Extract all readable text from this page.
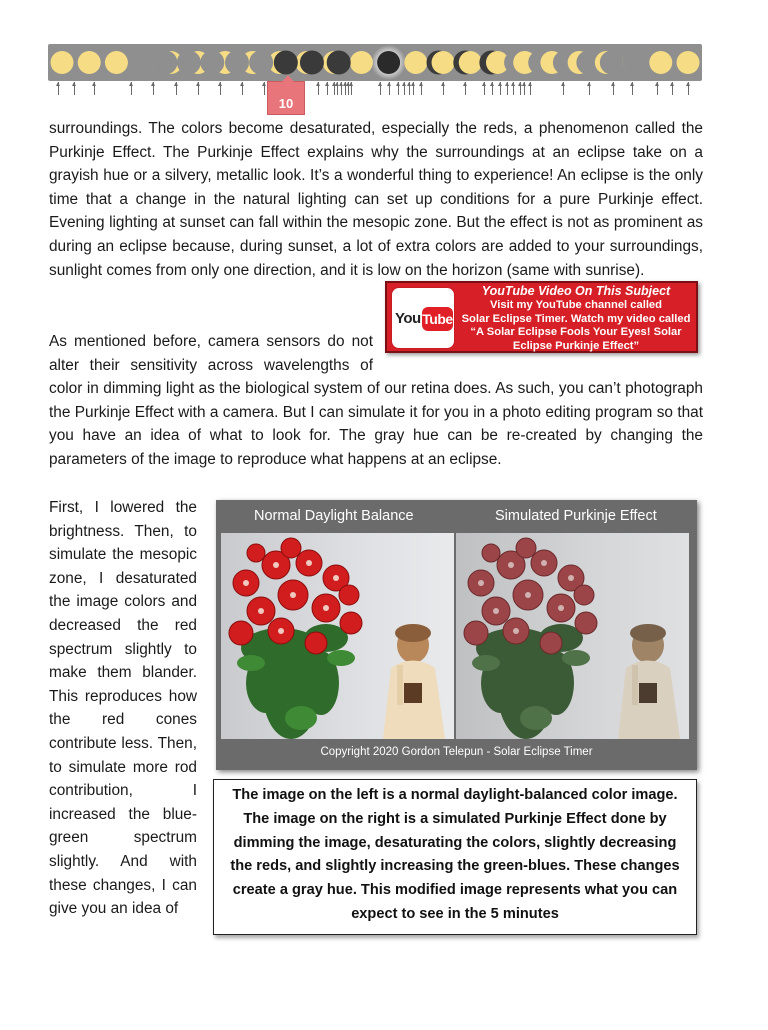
10

surroundings. The colors become desaturated, especially the reds, a phenomenon called the Purkinje Effect. The Purkinje Effect explains why the surroundings at an eclipse take on a grayish hue or a silvery, metallic look. It’s a wonderful thing to experience! An eclipse is the only time that a change in the natural lighting can set up conditions for a pure Purkinje effect. Evening lighting at sunset can fall within the mesopic zone. But the effect is not as prominent as during an eclipse because, during sunset, a lot of extra colors are added to your surroundings, sunlight comes from only one direction, and it is low on the horizon (same with sunrise).

You Tube
YouTube Video On This Subject
Visit my YouTube channel called
Solar Eclipse Timer. Watch my video called
“A Solar Eclipse Fools Your Eyes! Solar
Eclipse Purkinje Effect”
As mentioned before, camera sensors do not alter their sensitivity across wavelengths of color in dimming light as the biological system of our retina does. As such, you can’t photograph the Purkinje Effect with a camera. But I can simulate it for you in a photo editing program so that you have an idea of what to look for. The gray hue can be re-created by changing the parameters of the image to reproduce what happens at an eclipse.

First, I lowered the brightness. Then, to simulate the mesopic zone, I desaturated the image colors and decreased the red spectrum slightly to make them blander. This reproduces how the red cones contribute less. Then, to simulate more rod contribution, I increased the blue-green spectrum slightly. And with these changes, I can give you an idea of

Normal Daylight Balance	Simulated Purkinje Effect
Copyright 2020 Gordon Telepun - Solar Eclipse Timer
The image on the left is a normal daylight-balanced color image. The image on the right is a simulated Purkinje Effect done by dimming the image, desaturating the colors, slightly decreasing the reds, and slightly increasing the green-blues. These changes create a gray hue. This modified image represents what you can expect to see in the 5 minutes
